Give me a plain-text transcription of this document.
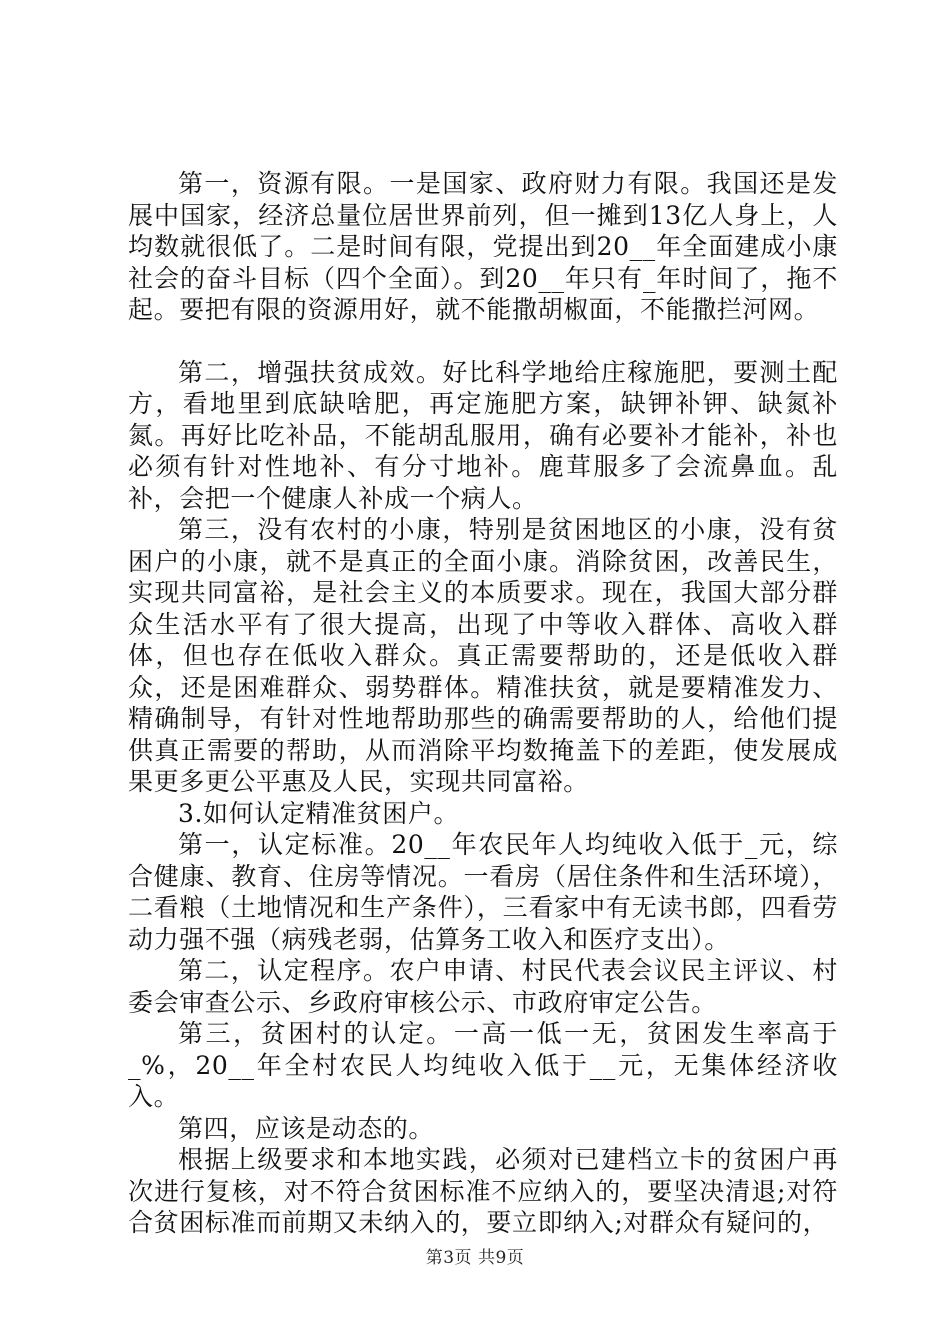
第一，资源有限。一是国家、政府财力有限。我国还是发展中国家，经济总量位居世界前列，但一摊到13亿人身上，人均数就很低了。二是时间有限，党提出到20__年全面建成小康社会的奋斗目标（四个全面）。到20__年只有_年时间了，拖不起。要把有限的资源用好，就不能撒胡椒面，不能撒拦河网。

第二，增强扶贫成效。好比科学地给庄稼施肥，要测土配方，看地里到底缺啥肥，再定施肥方案，缺钾补钾、缺氮补氮。再好比吃补品，不能胡乱服用，确有必要补才能补，补也必须有针对性地补、有分寸地补。鹿茸服多了会流鼻血。乱补，会把一个健康人补成一个病人。

第三，没有农村的小康，特别是贫困地区的小康，没有贫困户的小康，就不是真正的全面小康。消除贫困，改善民生，实现共同富裕，是社会主义的本质要求。现在，我国大部分群众生活水平有了很大提高，出现了中等收入群体、高收入群体，但也存在低收入群众。真正需要帮助的，还是低收入群众，还是困难群众、弱势群体。精准扶贫，就是要精准发力、精确制导，有针对性地帮助那些的确需要帮助的人，给他们提供真正需要的帮助，从而消除平均数掩盖下的差距，使发展成果更多更公平惠及人民，实现共同富裕。

3.如何认定精准贫困户。

第一，认定标准。20__年农民年人均纯收入低于_元，综合健康、教育、住房等情况。一看房（居住条件和生活环境），二看粮（土地情况和生产条件），三看家中有无读书郎，四看劳动力强不强（病残老弱，估算务工收入和医疗支出）。

第二，认定程序。农户申请、村民代表会议民主评议、村委会审查公示、乡政府审核公示、市政府审定公告。

第三，贫困村的认定。一高一低一无，贫困发生率高于_%，20__年全村农民人均纯收入低于__元，无集体经济收入。

第四，应该是动态的。

根据上级要求和本地实践，必须对已建档立卡的贫困户再次进行复核，对不符合贫困标准不应纳入的，要坚决清退;对符合贫困标准而前期又未纳入的，要立即纳入;对群众有疑问的，

第3页 共9页
